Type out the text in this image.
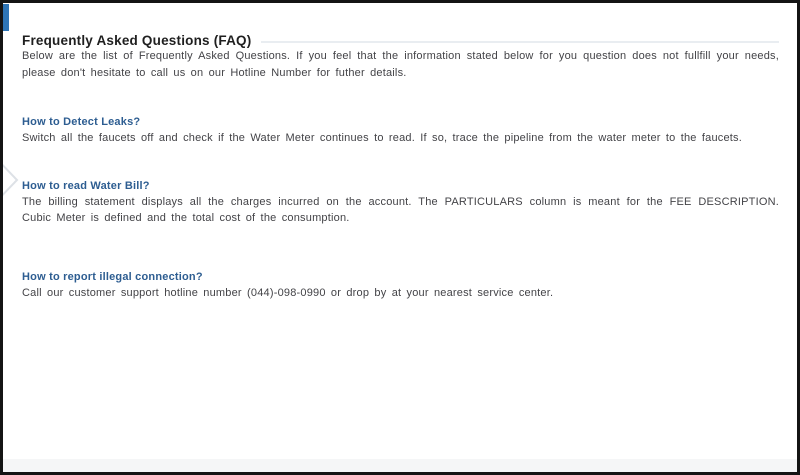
Frequently Asked Questions (FAQ)

Below are the list of Frequently Asked Questions. If you feel that the information stated below for you question does not fullfill your needs, please don't hesitate to call us on our Hotline Number for futher details.

How to Detect Leaks?

Switch all the faucets off and check if the Water Meter continues to read. If so, trace the pipeline from the water meter to the faucets.

How to read Water Bill?

The billing statement displays all the charges incurred on the account. The PARTICULARS column is meant for the FEE DESCRIPTION. Cubic Meter is defined and the total cost of the consumption.

How to report illegal connection?

Call our customer support hotline number (044)-098-0990 or drop by at your nearest service center.
